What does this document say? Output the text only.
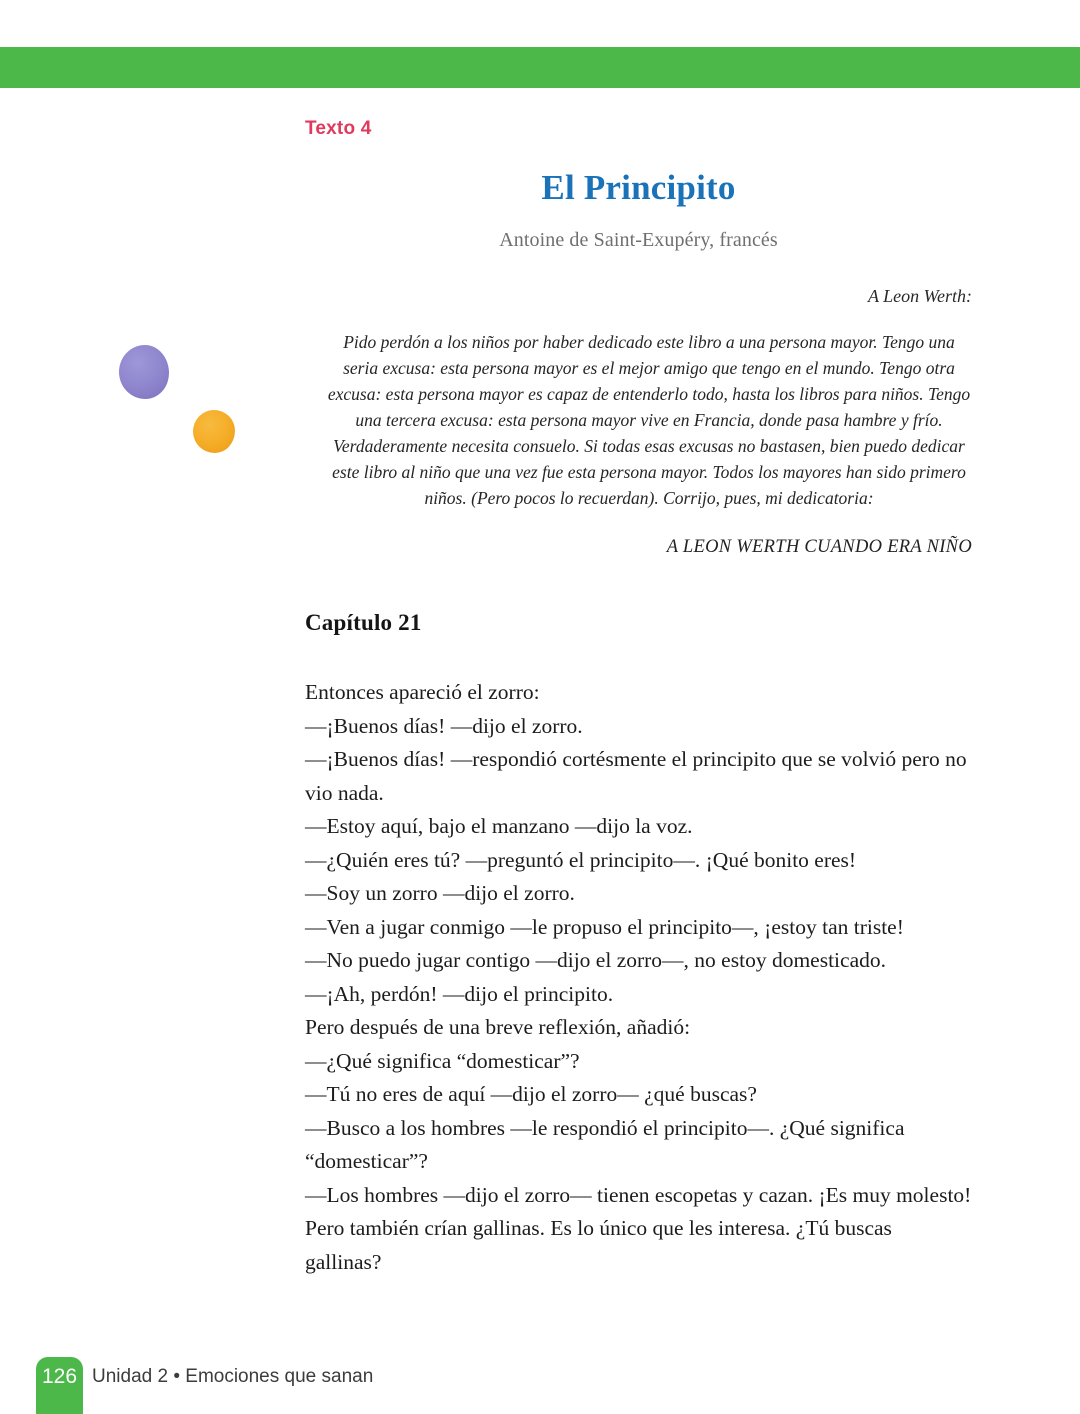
Texto 4

El Principito

Antoine de Saint-Exupéry, francés

A Leon Werth:

Pido perdón a los niños por haber dedicado este libro a una persona mayor. Tengo una seria excusa: esta persona mayor es el mejor amigo que tengo en el mundo. Tengo otra excusa: esta persona mayor es capaz de entenderlo todo, hasta los libros para niños. Tengo una tercera excusa: esta persona mayor vive en Francia, donde pasa hambre y frío. Verdaderamente necesita consuelo. Si todas esas excusas no bastasen, bien puedo dedicar este libro al niño que una vez fue esta persona mayor. Todos los mayores han sido primero niños. (Pero pocos lo recuerdan). Corrijo, pues, mi dedicatoria:

A LEON WERTH CUANDO ERA NIÑO

Capítulo 21

Entonces apareció el zorro:

—¡Buenos días! —dijo el zorro.

—¡Buenos días! —respondió cortésmente el principito que se volvió pero no vio nada.

—Estoy aquí, bajo el manzano —dijo la voz.

—¿Quién eres tú? —preguntó el principito—. ¡Qué bonito eres!

—Soy un zorro —dijo el zorro.

—Ven a jugar conmigo —le propuso el principito—, ¡estoy tan triste!

—No puedo jugar contigo —dijo el zorro—, no estoy domesticado.

—¡Ah, perdón! —dijo el principito.

Pero después de una breve reflexión, añadió:

—¿Qué significa “domesticar”?

—Tú no eres de aquí —dijo el zorro— ¿qué buscas?

—Busco a los hombres —le respondió el principito—. ¿Qué significa “domesticar”?

—Los hombres —dijo el zorro— tienen escopetas y cazan. ¡Es muy molesto! Pero también crían gallinas. Es lo único que les interesa. ¿Tú buscas gallinas?

126 Unidad 2 • Emociones que sanan
